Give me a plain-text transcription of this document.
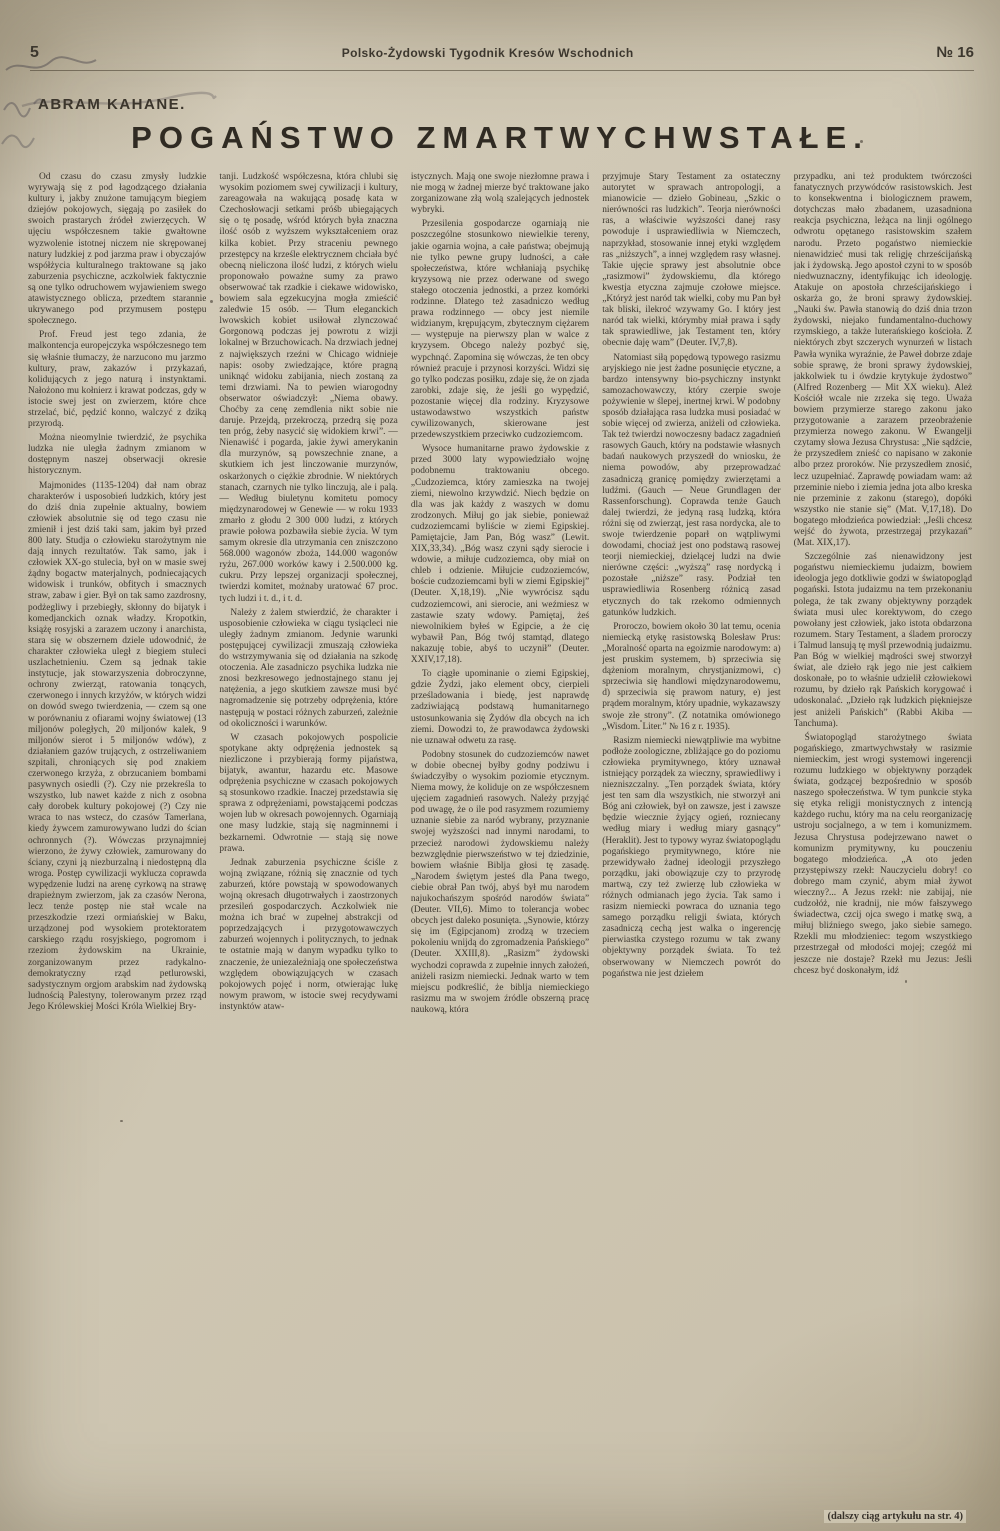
5	Polsko-Żydowski Tygodnik Kresów Wschodnich	№ 16
ABRAM KAHANE.
POGAŃSTWO ZMARTWYCHWSTAŁE.

Od czasu do czasu zmysły ludzkie wyrywają się z pod łagodzącego działania kultury i, jakby znużone tamującym biegiem dziejów pokojowych, sięgają po zasiłek do swoich prastarych źródeł zwierzęcych. W ujęciu współczesnem takie gwałtowne wyzwolenie istotnej niczem nie skrępowanej natury ludzkiej z pod jarzma praw i obyczajów współżycia kulturalnego traktowane są jako zaburzenia psychiczne, aczkolwiek faktycznie są one tylko odruchowem wyjawieniem swego atawistycznego oblicza, przedtem starannie ukrywanego pod przymusem postępu społecznego.

Prof. Freud jest tego zdania, że malkontencja europejczyka współczesnego tem się właśnie tłumaczy, że narzucono mu jarzmo kultury, praw, zakazów i przykazań, kolidujących z jego naturą i instynktami. Nałożono mu kołnierz i krawat podczas, gdy w istocie swej jest on zwierzem, które chce strzelać, bić, pędzić konno, walczyć z dziką przyrodą.

Można nieomylnie twierdzić, że psychika ludzka nie uległa żadnym zmianom w dostępnym naszej obserwacji okresie historycznym.

Majmonides (1135-1204) dał nam obraz charakterów i usposobień ludzkich, który jest do dziś dnia zupełnie aktualny, bowiem człowiek absolutnie się od tego czasu nie zmienił i jest dziś taki sam, jakim był przed 800 laty. Studja o człowieku starożytnym nie dają innych rezultatów. Tak samo, jak i człowiek XX-go stulecia, był on w masie swej żądny bogactw materjalnych, podniecających widowisk i trunków, obfitych i smacznych straw, zabaw i gier. Był on tak samo zazdrosny, podżegliwy i przebiegły, skłonny do bijatyk i komedjanckich oznak władzy. Kropotkin, książę rosyjski a zarazem uczony i anarchista, stara się w obszernem dziele udowodnić, że charakter człowieka uległ z biegiem stuleci uszlachetnieniu. Czem są jednak takie instytucje, jak stowarzyszenia dobroczynne, ochrony zwierząt, ratowania tonących, czerwonego i innych krzyżów, w których widzi on dowód swego twierdzenia, — czem są one w porównaniu z ofiarami wojny światowej (13 miljonów poległych, 20 miljonów kalek, 9 miljonów sierot i 5 miljonów wdów), z działaniem gazów trujących, z ostrzeliwaniem szpitali, chroniących się pod znakiem czerwonego krzyża, z obrzucaniem bombami pasywnych osiedli (?). Czy nie przekreśla to wszystko, lub nawet każde z nich z osobna cały dorobek kultury pokojowej (?) Czy nie wraca to nas wstecz, do czasów Tamerlana, kiedy żywcem zamurowywano ludzi do ścian ochronnych (?). Wówczas przynajmniej wierzono, że żywy człowiek, zamurowany do ściany, czyni ją niezburzalną i niedostępną dla wroga. Postęp cywilizacji wyklucza coprawda wypędzenie ludzi na arenę cyrkową na strawę drapieżnym zwierzom, jak za czasów Nerona, lecz tenże postęp nie stał wcale na przeszkodzie rzezi ormiańskiej w Baku, urządzonej pod wysokiem protektoratem carskiego rządu rosyjskiego, pogromom i rzeziom żydowskim na Ukrainie, zorganizowanym przez radykalno-demokratyczny rząd petlurowski, sadystycznym orgjom arabskim nad żydowską ludnością Palestyny, tolerowanym przez rząd Jego Królewskiej Mości Króla Wielkiej Bry-

tanji. Ludzkość współczesna, która chlubi się wysokim poziomem swej cywilizacji i kultury, zareagowała na wakującą posadę kata w Czechosłowacji setkami próśb ubiegających się o tę posadę, wśród których była znaczna ilość osób z wyższem wykształceniem oraz kilka kobiet. Przy straceniu pewnego przestępcy na krześle elektrycznem chciała być obecną nieliczona ilość ludzi, z których wielu proponowało poważne sumy za prawo obserwować tak rzadkie i ciekawe widowisko, bowiem sala egzekucyjna mogła zmieścić zaledwie 15 osób. — Tłum eleganckich lwowskich kobiet usiłował zlynczować Gorgonową podczas jej powrotu z wizji lokalnej w Brzuchowicach. Na drzwiach jednej z największych rzeźni w Chicago widnieje napis: osoby zwiedzające, które pragną uniknąć widoku zabijania, niech zostaną za temi drzwiami. Na to pewien wiarogodny obserwator oświadczył: „Niema obawy. Choćby za cenę zemdlenia nikt sobie nie daruje. Przejdą, przekroczą, przedrą się poza ten próg, żeby nasycić się widokiem krwi”. — Nienawiść i pogarda, jakie żywi amerykanin dla murzynów, są powszechnie znane, a skutkiem ich jest linczowanie murzynów, oskarżonych o ciężkie zbrodnie. W niektórych stanach, czarnych nie tylko linczują, ale i palą. — Według biuletynu komitetu pomocy międzynarodowej w Genewie — w roku 1933 zmarło z głodu 2 300 000 ludzi, z których prawie połowa pozbawiła siebie życia. W tym samym okresie dla utrzymania cen zniszczono 568.000 wagonów zboża, 144.000 wagonów ryżu, 267.000 worków kawy i 2.500.000 kg. cukru. Przy lepszej organizacji społecznej, twierdzi komitet, możnaby uratować 67 proc. tych ludzi i t. d., i t. d.

Należy z żalem stwierdzić, że charakter i usposobienie człowieka w ciągu tysiącleci nie uległy żadnym zmianom. Jedynie warunki postępującej cywilizacji zmuszają człowieka do wstrzymywania się od działania na szkodę otoczenia. Ale zasadniczo psychika ludzka nie znosi bezkresowego jednostajnego stanu jej natężenia, a jego skutkiem zawsze musi być nagromadzenie się potrzeby odprężenia, które następują w postaci różnych zaburzeń, zależnie od okoliczności i warunków.

W czasach pokojowych pospolicie spotykane akty odprężenia jednostek są niezliczone i przybierają formy pijaństwa, bijatyk, awantur, hazardu etc. Masowe odprężenia psychiczne w czasach pokojowych są stosunkowo rzadkie. Inaczej przedstawia się sprawa z odprężeniami, powstającemi podczas wojen lub w okresach powojennych. Ogarniają one masy ludzkie, stają się nagminnemi i bezkarnemi. Odwrotnie — stają się nowe prawa.

Jednak zaburzenia psychiczne ściśle z wojną związane, różnią się znacznie od tych zaburzeń, które powstają w spowodowanych wojną okresach długotrwałych i zaostrzonych przesileń gospodarczych. Aczkolwiek nie można ich brać w zupełnej abstrakcji od poprzedzających i przygotowawczych zaburzeń wojennych i politycznych, to jednak te ostatnie mają w danym wypadku tylko to znaczenie, że uniezależniają one społeczeństwa względem obowiązujących w czasach pokojowych pojęć i norm, otwierając lukę nowym prawom, w istocie swej recydywami instynktów ataw-

istycznych. Mają one swoje niezłomne prawa i nie mogą w żadnej mierze być traktowane jako zorganizowane złą wolą szalejących jednostek wybryki.

Przesilenia gospodarcze ogarniają nie poszczególne stosunkowo niewielkie tereny, jakie ogarnia wojna, a całe państwa; obejmują nie tylko pewne grupy ludności, a całe społeczeństwa, które wchłaniają psychikę kryzysową nie przez oderwane od swego stałego otoczenia jednostki, a przez komórki rodzinne. Dlatego też zasadniczo według prawa rodzinnego — obcy jest niemile widzianym, krępującym, zbytecznym ciężarem — występuje na pierwszy plan w walce z kryzysem. Obcego należy pozbyć się, wypchnąć. Zapomina się wówczas, że ten obcy również pracuje i przynosi korzyści. Widzi się go tylko podczas posiłku, zdaje się, że on zjada zarobki, zdaje się, że jeśli go wypędzić, pozostanie więcej dla rodziny. Kryzysowe ustawodawstwo wszystkich państw cywilizowanych, skierowane jest przedewszystkiem przeciwko cudzoziemcom.

Wysoce humanitarne prawo żydowskie z przed 3000 laty wypowiedziało wojnę podobnemu traktowaniu obcego. „Cudzoziemca, który zamieszka na twojej ziemi, niewolno krzywdzić. Niech będzie on dla was jak każdy z waszych w domu zrodzonych. Miłuj go jak siebie, ponieważ cudzoziemcami byliście w ziemi Egipskiej. Pamiętajcie, Jam Pan, Bóg wasz” (Lewit. XIX,33,34). „Bóg wasz czyni sądy sierocie i wdowie, a miłuje cudzoziemca, oby miał on chleb i odzienie. Miłujcie cudzoziemców, boście cudzoziemcami byli w ziemi Egipskiej” (Deuter. X,18,19). „Nie wywrócisz sądu cudzoziemcowi, ani sierocie, ani weźmiesz w zastawie szaty wdowy. Pamiętaj, żeś niewolnikiem byłeś w Egipcie, a że cię wybawił Pan, Bóg twój stamtąd, dlatego nakazuję tobie, abyś to uczynił” (Deuter. XXIV,17,18).

To ciągłe upominanie o ziemi Egipskiej, gdzie Żydzi, jako element obcy, cierpieli prześladowania i biedę, jest naprawdę zadziwiającą podstawą humanitarnego ustosunkowania się Żydów dla obcych na ich ziemi. Dowodzi to, że prawodawca żydowski nie uznawał odwetu za rasę.

Podobny stosunek do cudzoziemców nawet w dobie obecnej byłby godny podziwu i świadczyłby o wysokim poziomie etycznym. Niema mowy, że koliduje on ze współczesnem ujęciem zagadnień rasowych. Należy przyjąć pod uwagę, że o ile pod rasyzmem rozumiemy uznanie siebie za naród wybrany, przyznanie swojej wyższości nad innymi narodami, to przecież narodowi żydowskiemu należy bezwzględnie pierwszeństwo w tej dziedzinie, bowiem właśnie Biblja głosi tę zasadę. „Narodem świętym jesteś dla Pana twego, ciebie obrał Pan twój, abyś był mu narodem najukochańszym spośród narodów świata” (Deuter. VII,6). Mimo to tolerancja wobec obcych jest daleko posunięta. „Synowie, którzy się im (Egipcjanom) zrodzą w trzeciem pokoleniu wnijdą do zgromadzenia Pańskiego” (Deuter. XXIII,8). „Rasizm” żydowski wychodzi coprawda z zupełnie innych założeń, aniżeli rasizm niemiecki. Jednak warto w tem miejscu podkreślić, że biblja niemieckiego rasizmu ma w swojem źródle obszerną pracę naukową, która

przyjmuje Stary Testament za ostateczny autorytet w sprawach antropologji, a mianowicie — dzieło Gobineau, „Szkic o nierówności ras ludzkich”. Teorja nierówności ras, a właściwie wyższości danej rasy powoduje i usprawiedliwia w Niemczech, naprzykład, stosowanie innej etyki względem ras „niższych”, a innej względem rasy własnej. Takie ujęcie sprawy jest absolutnie obce „rasizmowi” żydowskiemu, dla którego kwestja etyczna zajmuje czołowe miejsce. „Któryż jest naród tak wielki, coby mu Pan był tak bliski, ilekroć wzywamy Go. I który jest naród tak wielki, którymby miał prawa i sądy tak sprawiedliwe, jak Testament ten, który obecnie daję wam” (Deuter. IV,7,8).

Natomiast siłą popędową typowego rasizmu aryjskiego nie jest żadne posunięcie etyczne, a bardzo intensywny bio-psychiczny instynkt samozachowawczy, który czerpie swoje pożywienie w ślepej, inertnej krwi. W podobny sposób działająca rasa ludzka musi posiadać w sobie więcej od zwierza, aniżeli od człowieka. Tak też twierdzi nowoczesny badacz zagadnień rasowych Gauch, który na podstawie własnych badań naukowych przyszedł do wniosku, że niema powodów, aby przeprowadzać zasadniczą granicę pomiędzy zwierzętami a ludźmi. (Gauch — Neue Grundlagen der Rassenforschung). Coprawda tenże Gauch dalej twierdzi, że jedyną rasą ludzką, która różni się od zwierząt, jest rasa nordycka, ale to swoje twierdzenie poparł on wątpliwymi dowodami, chociaż jest ono podstawą rasowej teorji niemieckiej, dzielącej ludzi na dwie nierówne części: „wyższą” rasę nordycką i pozostałe „niższe” rasy. Podział ten usprawiedliwia Rosenberg różnicą zasad etycznych do tak rzekomo odmiennych gatunków ludzkich.

Proroczo, bowiem około 30 lat temu, ocenia niemiecką etykę rasistowską Bolesław Prus: „Moralność oparta na egoizmie narodowym: a) jest pruskim systemem, b) sprzeciwia się dążeniom moralnym, chrystjanizmowi, c) sprzeciwia się handlowi międzynarodowemu, d) sprzeciwia się prawom natury, e) jest prądem moralnym, który upadnie, wykazawszy swoje złe strony”. (Z notatnika omówionego „Wisdom. Liter.” № 16 z r. 1935).

Rasizm niemiecki niewątpliwie ma wybitne podłoże zoologiczne, zbliżające go do poziomu człowieka prymitywnego, który uznawał istniejący porządek za wieczny, sprawiedliwy i niezniszczalny. „Ten porządek świata, który jest ten sam dla wszystkich, nie stworzył ani Bóg ani człowiek, był on zawsze, jest i zawsze będzie wiecznie żyjący ogień, rozniecany według miary i według miary gasnący” (Heraklit). Jest to typowy wyraz światopoglądu pogańskiego prymitywnego, które nie przewidywało żadnej ideologji przyszłego porządku, jaki obowiązuje czy to przyrodę martwą, czy też zwierzę lub człowieka w różnych odmianach jego życia. Tak samo i rasizm niemiecki powraca do uznania tego samego porządku religji świata, których zasadniczą cechą jest walka o ingerencję pierwiastka czystego rozumu w tak zwany objektywny porządek świata. To też obserwowany w Niemczech powrót do pogaństwa nie jest dziełem

przypadku, ani też produktem twórczości fanatycznych przywódców rasistowskich. Jest to konsekwentna i biologicznem prawem, dotychczas mało zbadanem, uzasadniona reakcja psychiczna, leżąca na linji ogólnego odwrotu opętanego rasistowskim szałem narodu. Przeto pogaństwo niemieckie nienawidzieć musi tak religję chrześcijańską jak i żydowską. Jego apostoł czyni to w sposób niedwuznaczny, identyfikując ich ideologję. Atakuje on apostoła chrześcijańskiego i oskarża go, że broni sprawy żydowskiej. „Nauki św. Pawła stanowią do dziś dnia trzon żydowski, niejako fundamentalno-duchowy rzymskiego, a także luterańskiego kościoła. Z niektórych zbyt szczerych wynurzeń w listach Pawła wynika wyraźnie, że Paweł dobrze zdaje sobie sprawę, że broni sprawy żydowskiej, jakkolwiek tu i ówdzie krytykuje żydostwo” (Alfred Rozenberg — Mit XX wieku). Ależ Kościół wcale nie zrzeka się tego. Uważa bowiem przymierze starego zakonu jako przygotowanie a zarazem przeobrażenie przymierza nowego zakonu. W Ewangelji czytamy słowa Jezusa Chrystusa: „Nie sądźcie, że przyszedłem znieść co napisano w zakonie albo przez proroków. Nie przyszedłem znosić, lecz uzupełniać. Zaprawdę powiadam wam: aż przeminie niebo i ziemia jedna jota albo kreska nie przeminie z zakonu (starego), dopóki wszystko nie stanie się” (Mat. V,17,18). Do bogatego młodzieńca powiedział: „Jeśli chcesz wejść do żywota, przestrzegaj przykazań” (Mat. XIX,17).

Szczególnie zaś nienawidzony jest pogaństwu niemieckiemu judaizm, bowiem ideologja jego dotkliwie godzi w światopogląd pogański. Istota judaizmu na tem przekonaniu polega, że tak zwany objektywny porządek świata musi ulec korektywom, do czego powołany jest człowiek, jako istota obdarzona rozumem. Stary Testament, a śladem proroczy i Talmud lansują tę myśl przewodnią judaizmu. Pan Bóg w wielkiej mądrości swej stworzył świat, ale dzieło rąk jego nie jest całkiem doskonałe, po to właśnie udzielił człowiekowi rozumu, by dzieło rąk Pańskich korygować i udoskonalać. „Dzieło rąk ludzkich piękniejsze jest aniżeli Pańskich” (Rabbi Akiba — Tanchuma).

Światopogląd starożytnego świata pogańskiego, zmartwychwstały w rasizmie niemieckim, jest wrogi systemowi ingerencji rozumu ludzkiego w objektywny porządek świata, godzącej bezpośrednio w sposób naszego społeczeństwa. W tym punkcie styka się etyka religji monistycznych z intencją każdego ruchu, który ma na celu reorganizację ustroju socjalnego, a w tem i komunizmem. Jezusa Chrystusa podejrzewano nawet o komunizm prymitywny, ku pouczeniu bogatego młodzieńca. „A oto jeden przystępiwszy rzekł: Nauczycielu dobry! co dobrego mam czynić, abym miał żywot wieczny?... A Jezus rzekł: nie zabijaj, nie cudzołóż, nie kradnij, nie mów fałszywego świadectwa, czcij ojca swego i matkę swą, a miłuj bliźniego swego, jako siebie samego. Rzekli mu młodzieniec: tegom wszystkiego przestrzegał od młodości mojej; czegóż mi jeszcze nie dostaje? Rzekł mu Jezus: Jeśli chcesz być doskonałym, idź

(dalszy ciąg artykułu na str. 4)
